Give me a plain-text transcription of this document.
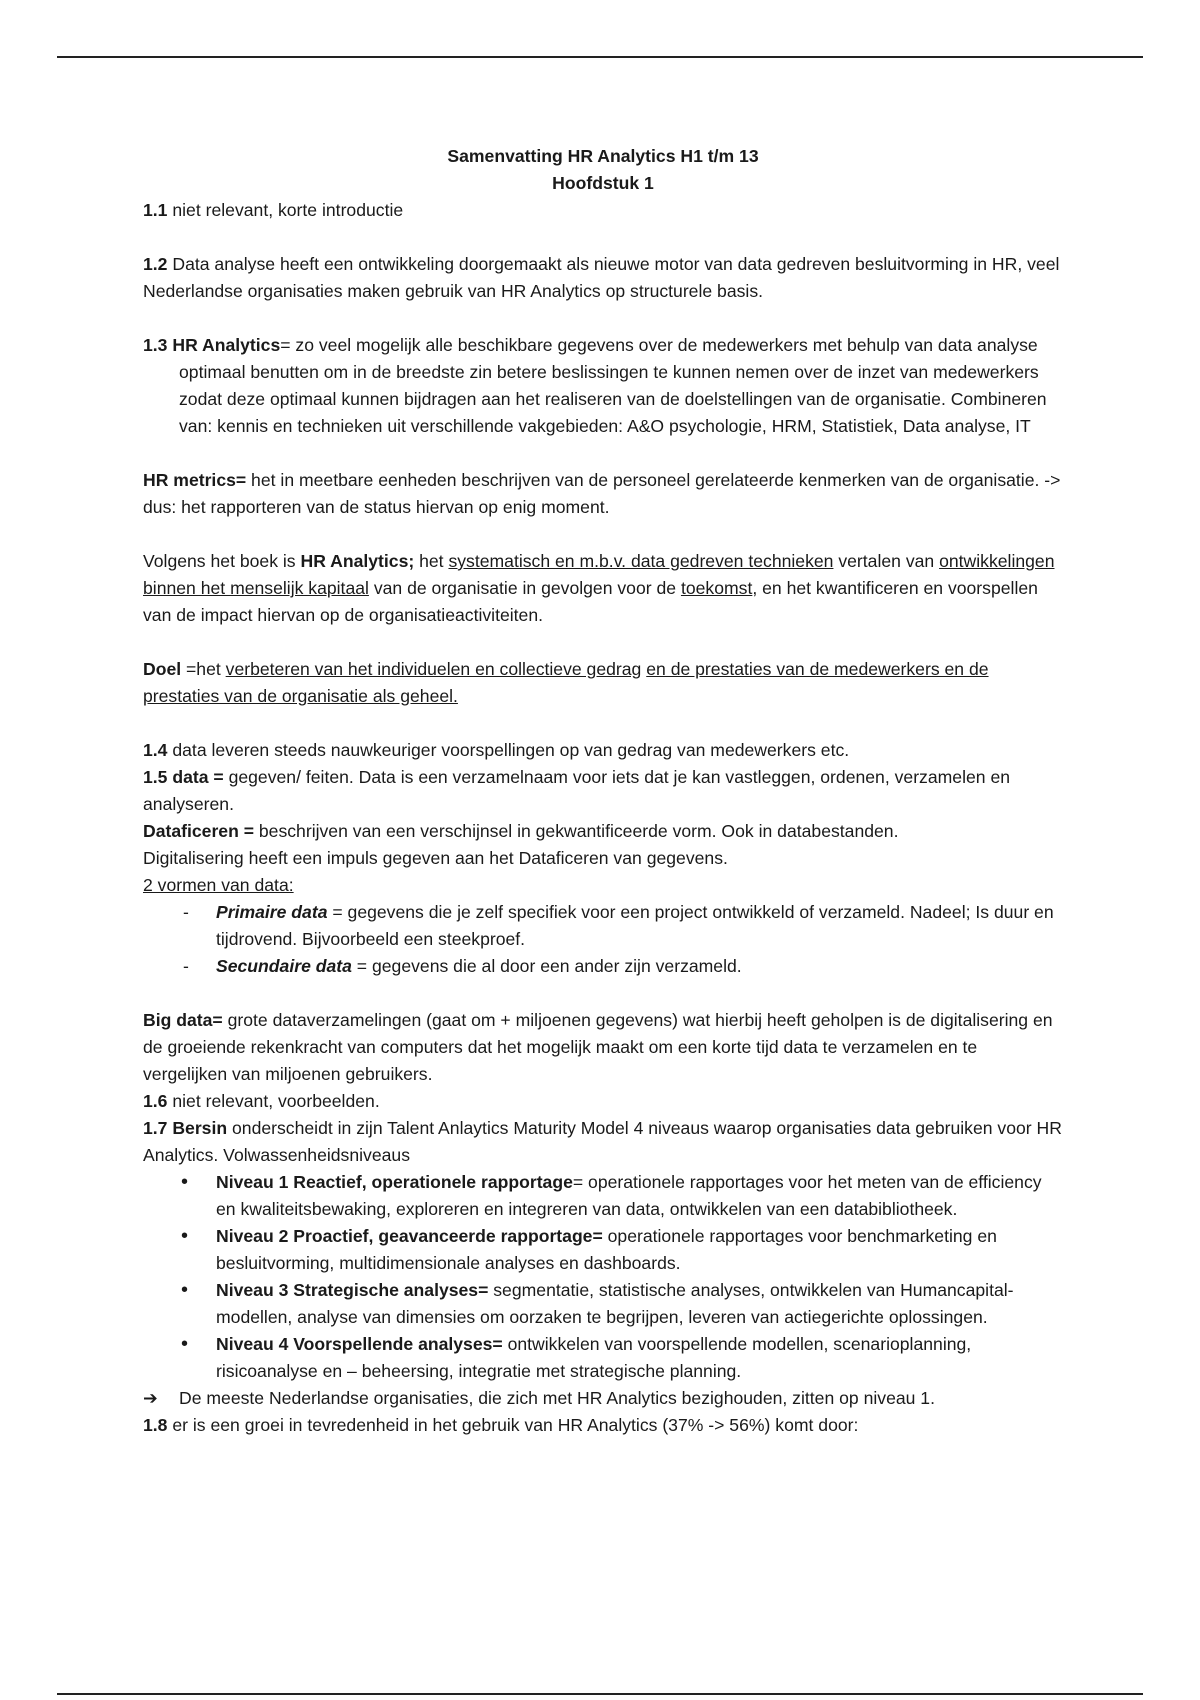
Samenvatting HR Analytics H1 t/m 13

Hoofdstuk 1

1.1 niet relevant, korte introductie

1.2 Data analyse heeft een ontwikkeling doorgemaakt als nieuwe motor van data gedreven besluitvorming in HR, veel Nederlandse organisaties maken gebruik van HR Analytics op structurele basis.

1.3 HR Analytics= zo veel mogelijk alle beschikbare gegevens over de medewerkers met behulp van data analyse optimaal benutten om in de breedste zin betere beslissingen te kunnen nemen over de inzet van medewerkers zodat deze optimaal kunnen bijdragen aan het realiseren van de doelstellingen van de organisatie. Combineren van: kennis en technieken uit verschillende vakgebieden: A&O psychologie, HRM, Statistiek, Data analyse, IT

HR metrics= het in meetbare eenheden beschrijven van de personeel gerelateerde kenmerken van de organisatie. -> dus: het rapporteren van de status hiervan op enig moment.

Volgens het boek is HR Analytics; het systematisch en m.b.v. data gedreven technieken vertalen van ontwikkelingen binnen het menselijk kapitaal van de organisatie in gevolgen voor de toekomst, en het kwantificeren en voorspellen van de impact hiervan op de organisatieactiviteiten.

Doel =het verbeteren van het individuelen en collectieve gedrag en de prestaties van de medewerkers en de prestaties van de organisatie als geheel.

1.4 data leveren steeds nauwkeuriger voorspellingen op van gedrag van medewerkers etc.

1.5 data = gegeven/ feiten. Data is een verzamelnaam voor iets dat je kan vastleggen, ordenen, verzamelen en analyseren.

Dataficeren = beschrijven van een verschijnsel in gekwantificeerde vorm. Ook in databestanden.

Digitalisering heeft een impuls gegeven aan het Dataficeren van gegevens.

2 vormen van data:

- Primaire data = gegevens die je zelf specifiek voor een project ontwikkeld of verzameld. Nadeel; Is duur en tijdrovend. Bijvoorbeeld een steekproef.
- Secundaire data = gegevens die al door een ander zijn verzameld.

Big data= grote dataverzamelingen (gaat om + miljoenen gegevens) wat hierbij heeft geholpen is de digitalisering en de groeiende rekenkracht van computers dat het mogelijk maakt om een korte tijd data te verzamelen en te vergelijken van miljoenen gebruikers.

1.6 niet relevant, voorbeelden.

1.7 Bersin onderscheidt in zijn Talent Anlaytics Maturity Model 4 niveaus waarop organisaties data gebruiken voor HR Analytics. Volwassenheidsniveaus

• Niveau 1 Reactief, operationele rapportage= operationele rapportages voor het meten van de efficiency en kwaliteitsbewaking, exploreren en integreren van data, ontwikkelen van een databibliotheek.
• Niveau 2 Proactief, geavanceerde rapportage= operationele rapportages voor benchmarketing en besluitvorming, multidimensionale analyses en dashboards.
• Niveau 3 Strategische analyses= segmentatie, statistische analyses, ontwikkelen van Humancapital-modellen, analyse van dimensies om oorzaken te begrijpen, leveren van actiegerichte oplossingen.
• Niveau 4 Voorspellende analyses= ontwikkelen van voorspellende modellen, scenarioplanning, risicoanalyse en – beheersing, integratie met strategische planning.

➔ De meeste Nederlandse organisaties, die zich met HR Analytics bezighouden, zitten op niveau 1.

1.8 er is een groei in tevredenheid in het gebruik van HR Analytics (37% -> 56%) komt door:
